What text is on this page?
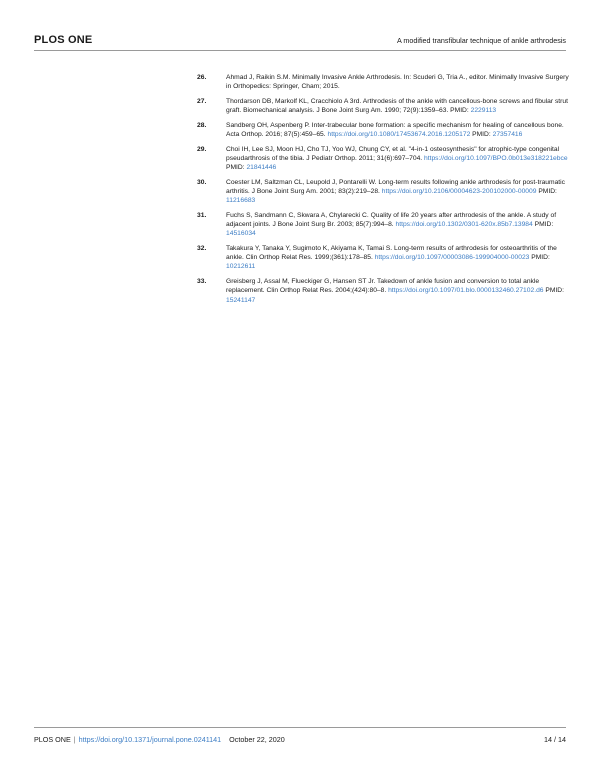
PLOS ONE	A modified transfibular technique of ankle arthrodesis
26.	Ahmad J, Raikin S.M. Minimally Invasive Ankle Arthrodesis. In: Scuderi G, Tria A., editor. Minimally Invasive Surgery in Orthopedics: Springer, Cham; 2015.
27.	Thordarson DB, Markolf KL, Cracchiolo A 3rd. Arthrodesis of the ankle with cancellous-bone screws and fibular strut graft. Biomechanical analysis. J Bone Joint Surg Am. 1990; 72(9):1359–63. PMID: 2229113
28.	Sandberg OH, Aspenberg P. Inter-trabecular bone formation: a specific mechanism for healing of cancellous bone. Acta Orthop. 2016; 87(5):459–65. https://doi.org/10.1080/17453674.2016.1205172 PMID: 27357416
29.	Choi IH, Lee SJ, Moon HJ, Cho TJ, Yoo WJ, Chung CY, et al. "4-in-1 osteosynthesis" for atrophic-type congenital pseudarthrosis of the tibia. J Pediatr Orthop. 2011; 31(6):697–704. https://doi.org/10.1097/BPO.0b013e318221ebce PMID: 21841446
30.	Coester LM, Saltzman CL, Leupold J, Pontarelli W. Long-term results following ankle arthrodesis for post-traumatic arthritis. J Bone Joint Surg Am. 2001; 83(2):219–28. https://doi.org/10.2106/00004623-200102000-00009 PMID: 11216683
31.	Fuchs S, Sandmann C, Skwara A, Chylarecki C. Quality of life 20 years after arthrodesis of the ankle. A study of adjacent joints. J Bone Joint Surg Br. 2003; 85(7):994–8. https://doi.org/10.1302/0301-620x.85b7.13984 PMID: 14516034
32.	Takakura Y, Tanaka Y, Sugimoto K, Akiyama K, Tamai S. Long-term results of arthrodesis for osteoarthritis of the ankle. Clin Orthop Relat Res. 1999;(361):178–85. https://doi.org/10.1097/00003086-199904000-00023 PMID: 10212611
33.	Greisberg J, Assal M, Flueckiger G, Hansen ST Jr. Takedown of ankle fusion and conversion to total ankle replacement. Clin Orthop Relat Res. 2004;(424):80–8. https://doi.org/10.1097/01.blo.0000132460.27102.d6 PMID: 15241147
PLOS ONE | https://doi.org/10.1371/journal.pone.0241141 October 22, 2020	14 / 14
